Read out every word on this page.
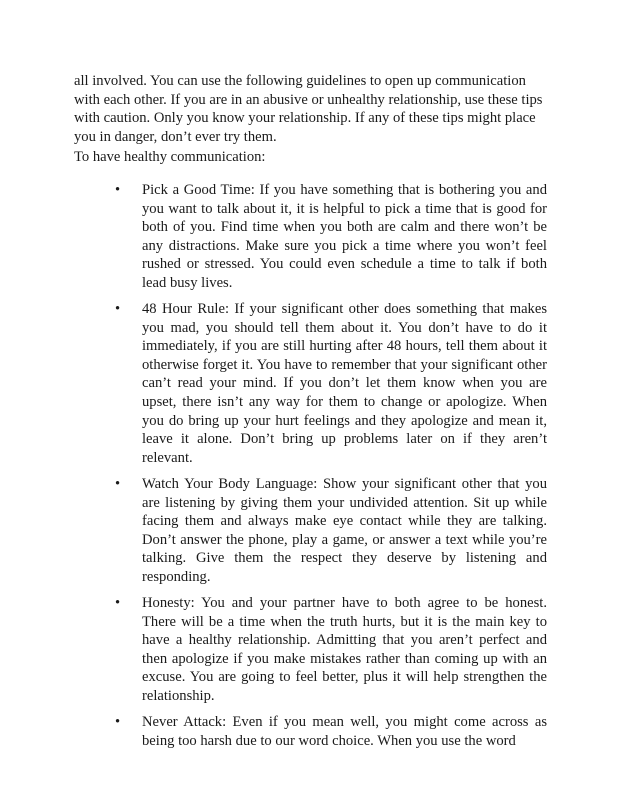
all involved. You can use the following guidelines to open up communication with each other. If you are in an abusive or unhealthy relationship, use these tips with caution. Only you know your relationship. If any of these tips might place you in danger, don’t ever try them.

To have healthy communication:

• Pick a Good Time: If you have something that is bothering you and you want to talk about it, it is helpful to pick a time that is good for both of you. Find time when you both are calm and there won’t be any distractions. Make sure you pick a time where you won’t feel rushed or stressed. You could even schedule a time to talk if both lead busy lives.
• 48 Hour Rule: If your significant other does something that makes you mad, you should tell them about it. You don’t have to do it immediately, if you are still hurting after 48 hours, tell them about it otherwise forget it. You have to remember that your significant other can’t read your mind. If you don’t let them know when you are upset, there isn’t any way for them to change or apologize. When you do bring up your hurt feelings and they apologize and mean it, leave it alone. Don’t bring up problems later on if they aren’t relevant.
• Watch Your Body Language: Show your significant other that you are listening by giving them your undivided attention. Sit up while facing them and always make eye contact while they are talking. Don’t answer the phone, play a game, or answer a text while you’re talking. Give them the respect they deserve by listening and responding.
• Honesty: You and your partner have to both agree to be honest. There will be a time when the truth hurts, but it is the main key to have a healthy relationship. Admitting that you aren’t perfect and then apologize if you make mistakes rather than coming up with an excuse. You are going to feel better, plus it will help strengthen the relationship.
• Never Attack: Even if you mean well, you might come across as being too harsh due to our word choice. When you use the word
